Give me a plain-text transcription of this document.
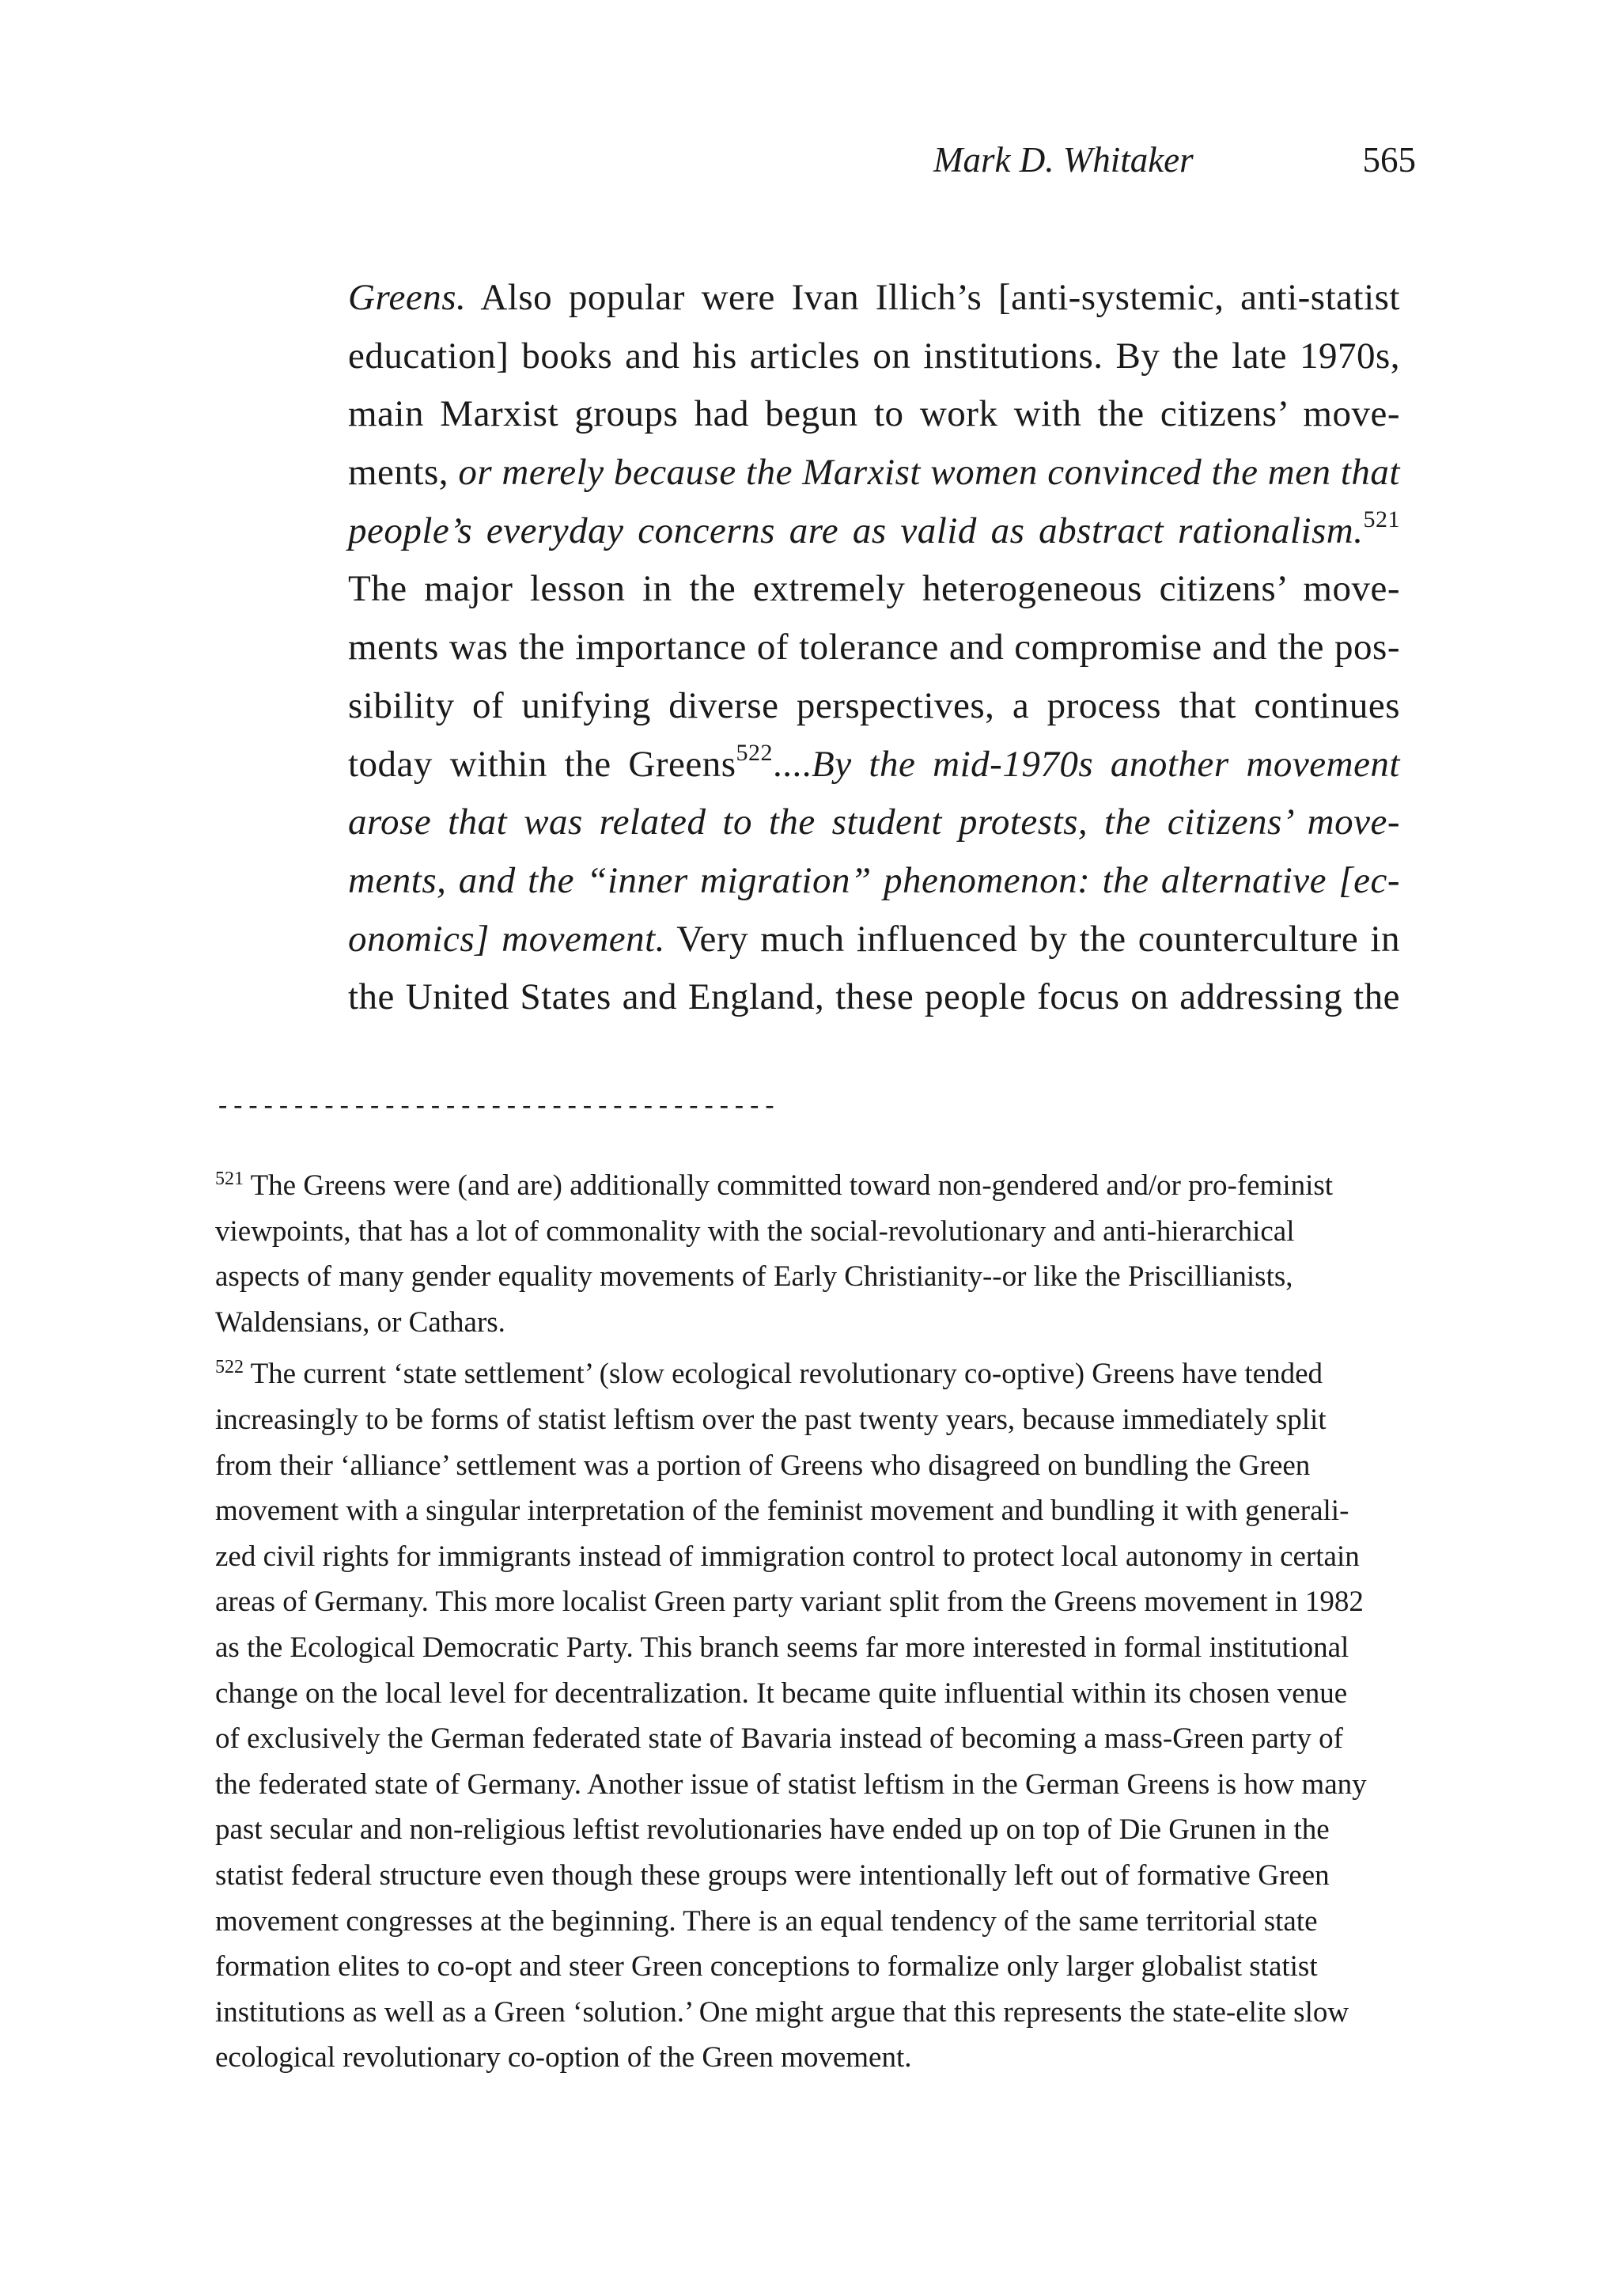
Mark D. Whitaker	565
Greens. Also popular were Ivan Illich’s [anti-systemic, anti-statist
education] books and his articles on institutions. By the late 1970s,
main Marxist groups had begun to work with the citizens’ move-
ments, or merely because the Marxist women convinced the men that
people’s everyday concerns are as valid as abstract rationalism.$^{521}$
The major lesson in the extremely heterogeneous citizens’ move-
ments was the importance of tolerance and compromise and the pos-
sibility of unifying diverse perspectives, a process that continues
today within the Greens$^{522}$....By the mid-1970s another movement
arose that was related to the student protests, the citizens’ move-
ments, and the “inner migration” phenomenon: the alternative [ec-
onomics] movement. Very much influenced by the counterculture in
the United States and England, these people focus on addressing the
-------------------------------------
$^{521}$ The Greens were (and are) additionally committed toward non-gendered and/or pro-feminist
viewpoints, that has a lot of commonality with the social-revolutionary and anti-hierarchical
aspects of many gender equality movements of Early Christianity--or like the Priscillianists,
Waldensians, or Cathars.
$^{522}$ The current ‘state settlement’ (slow ecological revolutionary co-optive) Greens have tended
increasingly to be forms of statist leftism over the past twenty years, because immediately split
from their ‘alliance’ settlement was a portion of Greens who disagreed on bundling the Green
movement with a singular interpretation of the feminist movement and bundling it with generali-
zed civil rights for immigrants instead of immigration control to protect local autonomy in certain
areas of Germany. This more localist Green party variant split from the Greens movement in 1982
as the Ecological Democratic Party. This branch seems far more interested in formal institutional
change on the local level for decentralization. It became quite influential within its chosen venue
of exclusively the German federated state of Bavaria instead of becoming a mass-Green party of
the federated state of Germany. Another issue of statist leftism in the German Greens is how many
past secular and non-religious leftist revolutionaries have ended up on top of Die Grunen in the
statist federal structure even though these groups were intentionally left out of formative Green
movement congresses at the beginning. There is an equal tendency of the same territorial state
formation elites to co-opt and steer Green conceptions to formalize only larger globalist statist
institutions as well as a Green ‘solution.’ One might argue that this represents the state-elite slow
ecological revolutionary co-option of the Green movement.
